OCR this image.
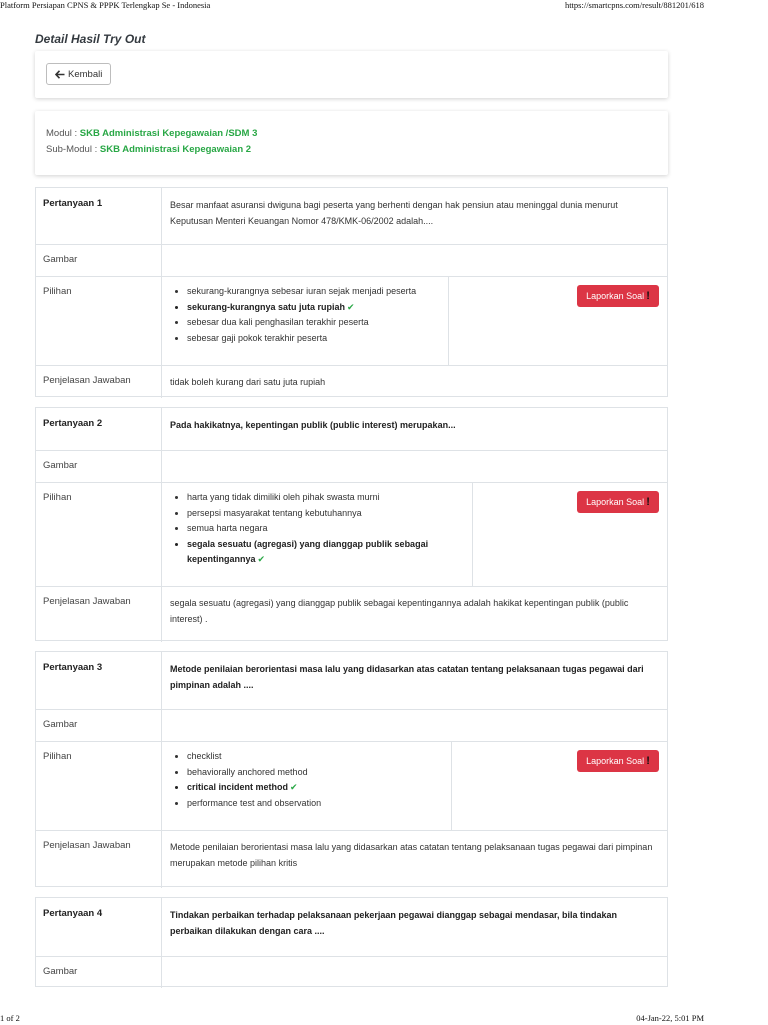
Platform Persiapan CPNS & PPPK Terlengkap Se - Indonesia	https://smartcpns.com/result/881201/618
Detail Hasil Try Out
Kembali
Modul : SKB Administrasi Kepegawaian /SDM 3
Sub-Modul : SKB Administrasi Kepegawaian 2
Pertanyaan 1	Besar manfaat asuransi dwiguna bagi peserta yang berhenti dengan hak pensiun atau meninggal dunia menurut Keputusan Menteri Keuangan Nomor 478/KMK-06/2002 adalah....
Gambar
Pilihan	• sekurang-kurangnya sebesar iuran sejak menjadi peserta
• sekurang-kurangnya satu juta rupiah ✔
• sebesar dua kali penghasilan terakhir peserta
• sebesar gaji pokok terakhir peserta
Laporkan Soal !
Penjelasan Jawaban	tidak boleh kurang dari satu juta rupiah
Pertanyaan 2	Pada hakikatnya, kepentingan publik (public interest) merupakan...
Gambar
Pilihan	• harta yang tidak dimiliki oleh pihak swasta murni
• persepsi masyarakat tentang kebutuhannya
• semua harta negara
• segala sesuatu (agregasi) yang dianggap publik sebagai kepentingannya ✔
Laporkan Soal !
Penjelasan Jawaban	segala sesuatu (agregasi) yang dianggap publik sebagai kepentingannya adalah hakikat kepentingan publik (public interest) .
Pertanyaan 3	Metode penilaian berorientasi masa lalu yang didasarkan atas catatan tentang pelaksanaan tugas pegawai dari pimpinan adalah ....
Gambar
Pilihan	• checklist
• behaviorally anchored method
• critical incident method ✔
• performance test and observation
Laporkan Soal !
Penjelasan Jawaban	Metode penilaian berorientasi masa lalu yang didasarkan atas catatan tentang pelaksanaan tugas pegawai dari pimpinan merupakan metode pilihan kritis
Pertanyaan 4	Tindakan perbaikan terhadap pelaksanaan pekerjaan pegawai dianggap sebagai mendasar, bila tindakan perbaikan dilakukan dengan cara ....
Gambar
1 of 2	04-Jan-22, 5:01 PM
